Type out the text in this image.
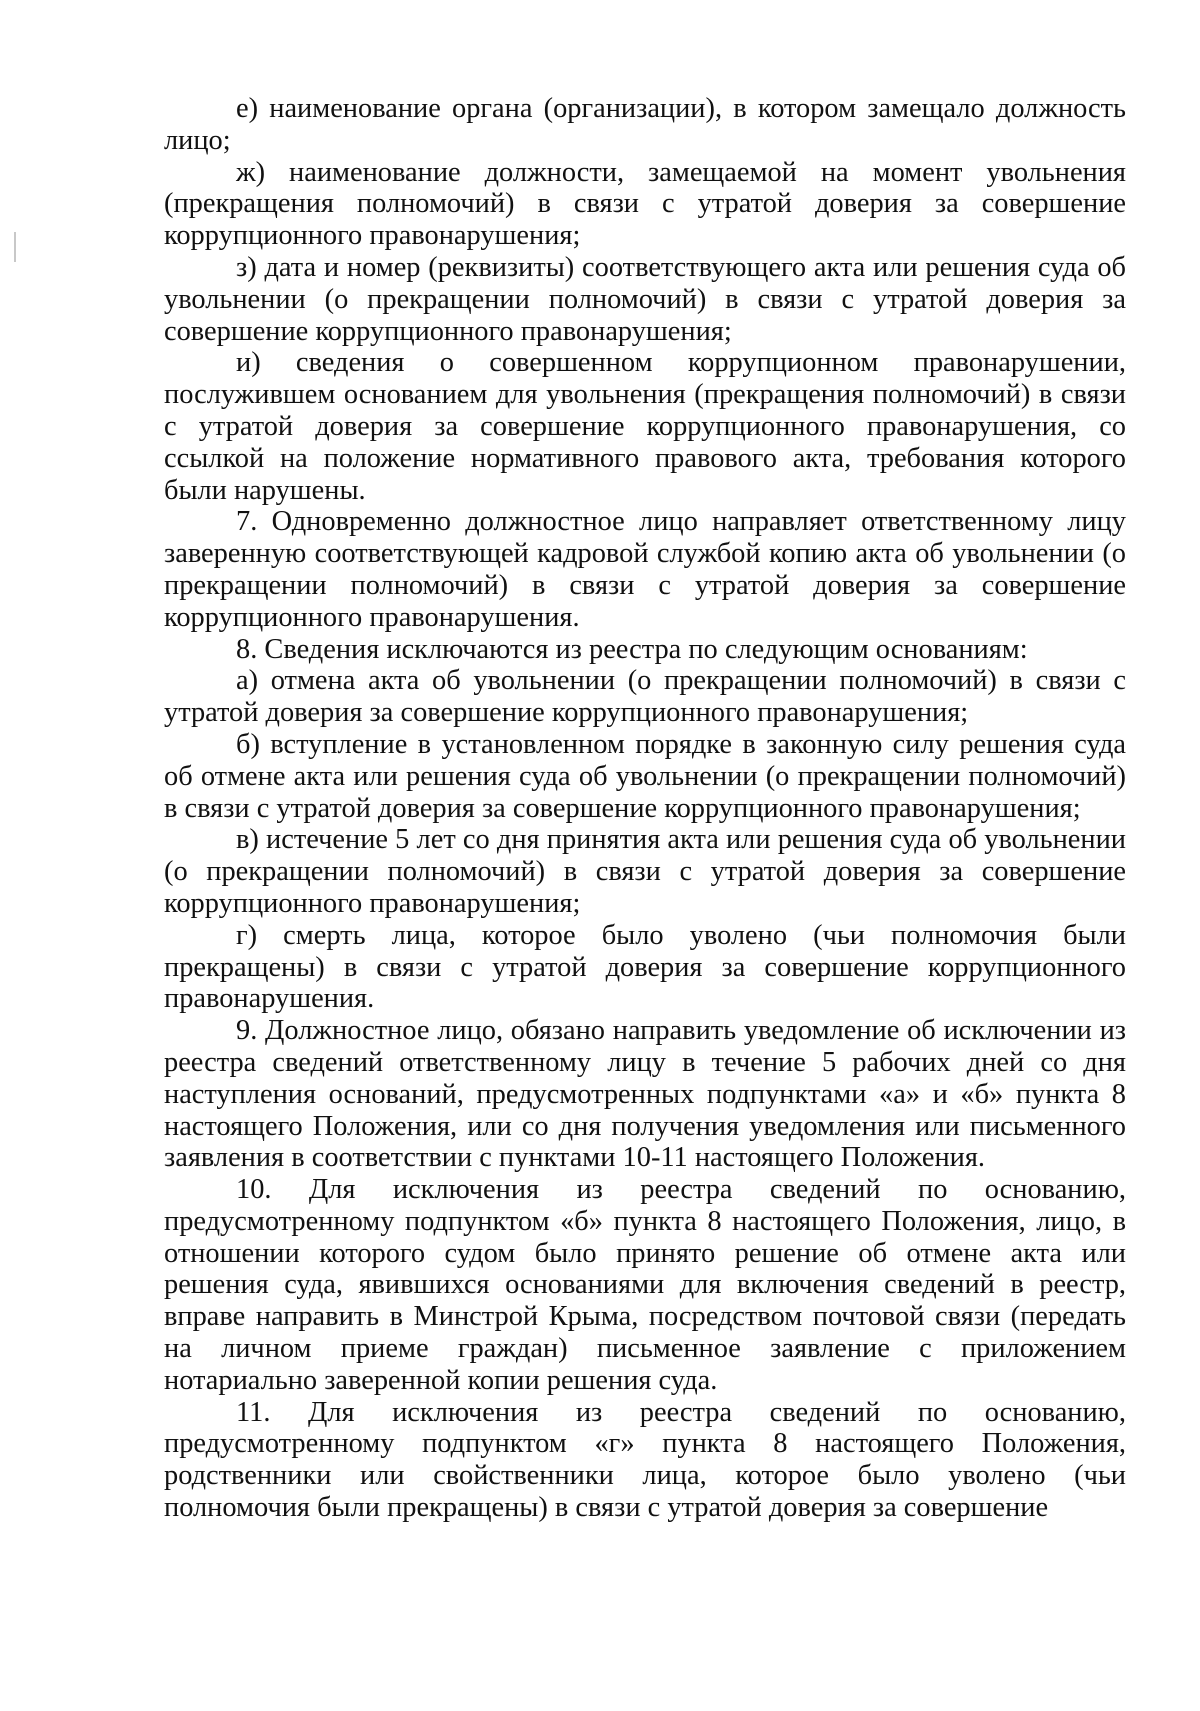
е) наименование органа (организации), в котором замещало должность лицо;

ж) наименование должности, замещаемой на момент увольнения (прекращения полномочий) в связи с утратой доверия за совершение коррупционного правонарушения;

з) дата и номер (реквизиты) соответствующего акта или решения суда об увольнении (о прекращении полномочий) в связи с утратой доверия за совершение коррупционного правонарушения;

и) сведения о совершенном коррупционном правонарушении, послужившем основанием для увольнения (прекращения полномочий) в связи с утратой доверия за совершение коррупционного правонарушения, со ссылкой на положение нормативного правового акта, требования которого были нарушены.

7. Одновременно должностное лицо направляет ответственному лицу заверенную соответствующей кадровой службой копию акта об увольнении (о прекращении полномочий) в связи с утратой доверия за совершение коррупционного правонарушения.

8. Сведения исключаются из реестра по следующим основаниям:

а) отмена акта об увольнении (о прекращении полномочий) в связи с утратой доверия за совершение коррупционного правонарушения;

б) вступление в установленном порядке в законную силу решения суда об отмене акта или решения суда об увольнении (о прекращении полномочий) в связи с утратой доверия за совершение коррупционного правонарушения;

в) истечение 5 лет со дня принятия акта или решения суда об увольнении (о прекращении полномочий) в связи с утратой доверия за совершение коррупционного правонарушения;

г) смерть лица, которое было уволено (чьи полномочия были прекращены) в связи с утратой доверия за совершение коррупционного правонарушения.

9. Должностное лицо, обязано направить уведомление об исключении из реестра сведений ответственному лицу в течение 5 рабочих дней со дня наступления оснований, предусмотренных подпунктами «а» и «б» пункта 8 настоящего Положения, или со дня получения уведомления или письменного заявления в соответствии с пунктами 10-11 настоящего Положения.

10. Для исключения из реестра сведений по основанию, предусмотренному подпунктом «б» пункта 8 настоящего Положения, лицо, в отношении которого судом было принято решение об отмене акта или решения суда, явившихся основаниями для включения сведений в реестр, вправе направить в Минстрой Крыма, посредством почтовой связи (передать на личном приеме граждан) письменное заявление с приложением нотариально заверенной копии решения суда.

11. Для исключения из реестра сведений по основанию, предусмотренному подпунктом «г» пункта 8 настоящего Положения, родственники или свойственники лица, которое было уволено (чьи полномочия были прекращены) в связи с утратой доверия за совершение
